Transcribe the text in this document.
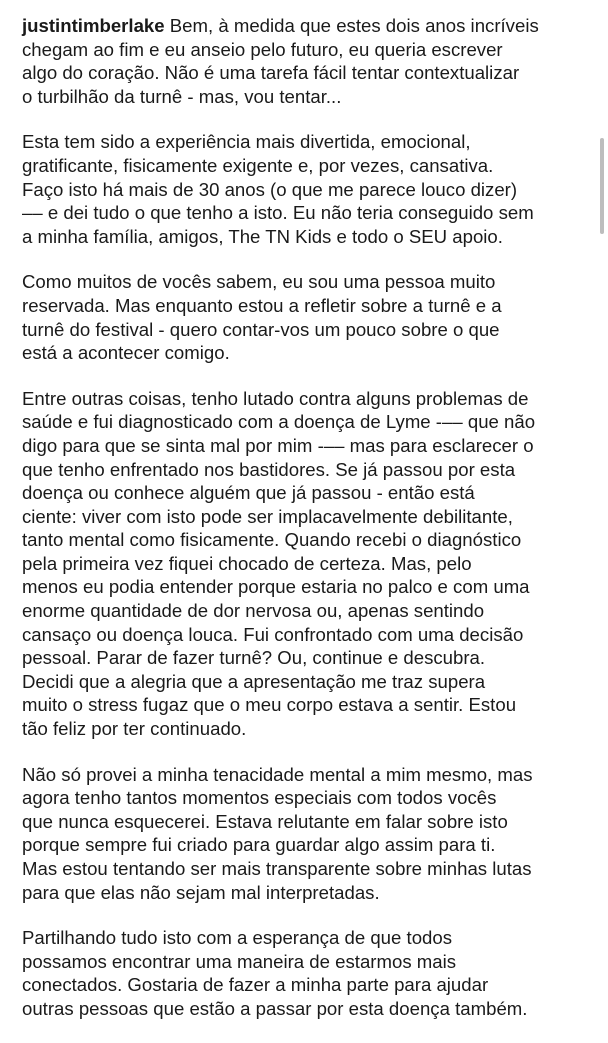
justintimberlake Bem, à medida que estes dois anos incríveis
chegam ao fim e eu anseio pelo futuro, eu queria escrever
algo do coração. Não é uma tarefa fácil tentar contextualizar
o turbilhão da turnê - mas, vou tentar...

Esta tem sido a experiência mais divertida, emocional,
gratificante, fisicamente exigente e, por vezes, cansativa.
Faço isto há mais de 30 anos (o que me parece louco dizer)
–– e dei tudo o que tenho a isto. Eu não teria conseguido sem
a minha família, amigos, The TN Kids e todo o SEU apoio.

Como muitos de vocês sabem, eu sou uma pessoa muito
reservada. Mas enquanto estou a refletir sobre a turnê e a
turnê do festival - quero contar-vos um pouco sobre o que
está a acontecer comigo.

Entre outras coisas, tenho lutado contra alguns problemas de
saúde e fui diagnosticado com a doença de Lyme -–– que não
digo para que se sinta mal por mim -–– mas para esclarecer o
que tenho enfrentado nos bastidores. Se já passou por esta
doença ou conhece alguém que já passou - então está
ciente: viver com isto pode ser implacavelmente debilitante,
tanto mental como fisicamente. Quando recebi o diagnóstico
pela primeira vez fiquei chocado de certeza. Mas, pelo
menos eu podia entender porque estaria no palco e com uma
enorme quantidade de dor nervosa ou, apenas sentindo
cansaço ou doença louca. Fui confrontado com uma decisão
pessoal. Parar de fazer turnê? Ou, continue e descubra.
Decidi que a alegria que a apresentação me traz supera
muito o stress fugaz que o meu corpo estava a sentir. Estou
tão feliz por ter continuado.

Não só provei a minha tenacidade mental a mim mesmo, mas
agora tenho tantos momentos especiais com todos vocês
que nunca esquecerei. Estava relutante em falar sobre isto
porque sempre fui criado para guardar algo assim para ti.
Mas estou tentando ser mais transparente sobre minhas lutas
para que elas não sejam mal interpretadas.

Partilhando tudo isto com a esperança de que todos
possamos encontrar uma maneira de estarmos mais
conectados. Gostaria de fazer a minha parte para ajudar
outras pessoas que estão a passar por esta doença também.
